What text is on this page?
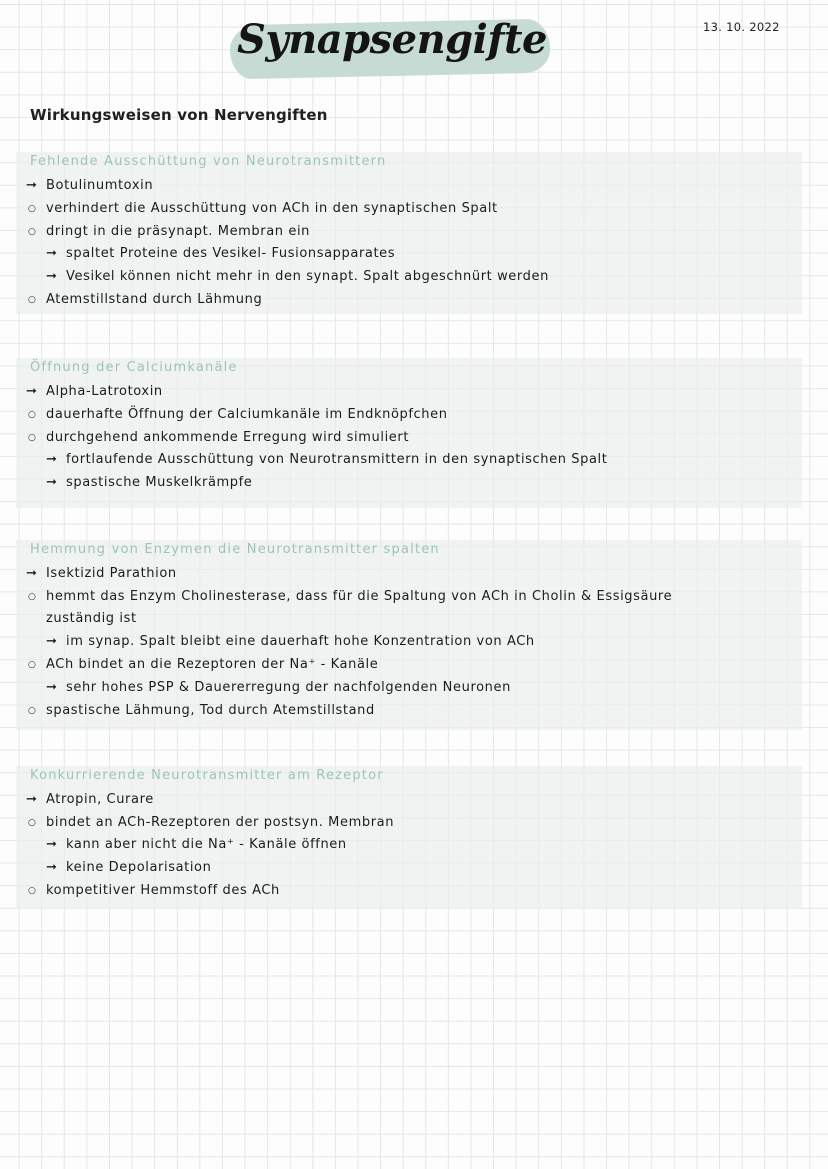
13. 10. 2022
Synapsengifte
Wirkungsweisen von Nervengiften
Fehlende Ausschüttung von Neurotransmittern
➞ Botulinumtoxin
○ verhindert die Ausschüttung von ACh in den synaptischen Spalt
○ dringt in die präsynapt. Membran ein
➞ spaltet Proteine des Vesikel- Fusionsapparates
➞ Vesikel können nicht mehr in den synapt. Spalt abgeschnürt werden
○ Atemstillstand durch Lähmung
Öffnung der Calciumkanäle
➞ Alpha-Latrotoxin
○ dauerhafte Öffnung der Calciumkanäle im Endknöpfchen
○ durchgehend ankommende Erregung wird simuliert
➞ fortlaufende Ausschüttung von Neurotransmittern in den synaptischen Spalt
➞ spastische Muskelkrämpfe
Hemmung von Enzymen die Neurotransmitter spalten
➞ Isektizid Parathion
○ hemmt das Enzym Cholinesterase, dass für die Spaltung von ACh in Cholin & Essigsäure
zuständig ist
➞ im synap. Spalt bleibt eine dauerhaft hohe Konzentration von ACh
○ ACh bindet an die Rezeptoren der Na⁺ - Kanäle
➞ sehr hohes PSP & Dauererregung der nachfolgenden Neuronen
○ spastische Lähmung, Tod durch Atemstillstand
Konkurrierende Neurotransmitter am Rezeptor
➞ Atropin, Curare
○ bindet an ACh-Rezeptoren der postsyn. Membran
➞ kann aber nicht die Na⁺ - Kanäle öffnen
➞ keine Depolarisation
○ kompetitiver Hemmstoff des ACh
